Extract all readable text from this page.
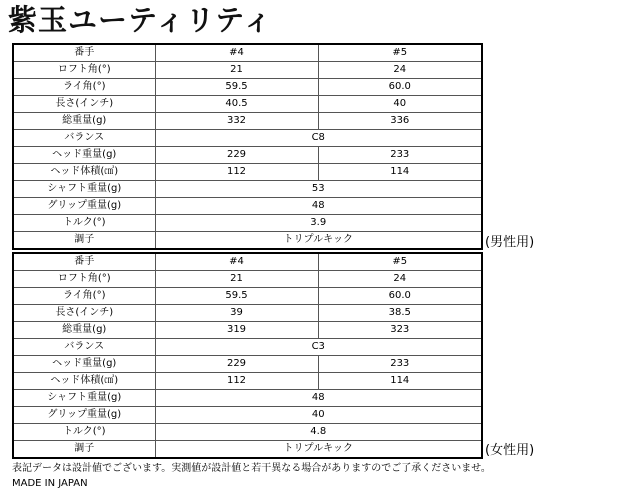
紫玉ユーティリティ
番手	#4	#5
ロフト角(°)	21	24
ライ角(°)	59.5	60.0
長さ(インチ)	40.5	40
総重量(g)	332	336
バランス	C8	
ヘッド重量(g)	229	233
ヘッド体積(㎤)	112	114
シャフト重量(g)	53	
グリップ重量(g)	48	
トルク(°)	3.9	
調子	トリプルキック		(男性用)
番手	#4	#5
ロフト角(°)	21	24
ライ角(°)	59.5	60.0
長さ(インチ)	39	38.5
総重量(g)	319	323
バランス	C3	
ヘッド重量(g)	229	233
ヘッド体積(㎤)	112	114
シャフト重量(g)	48	
グリップ重量(g)	40	
トルク(°)	4.8	
調子	トリプルキック		(女性用)
表記データは設計値でございます。実測値が設計値と若干異なる場合がありますのでご了承くださいませ。
MADE IN JAPAN
